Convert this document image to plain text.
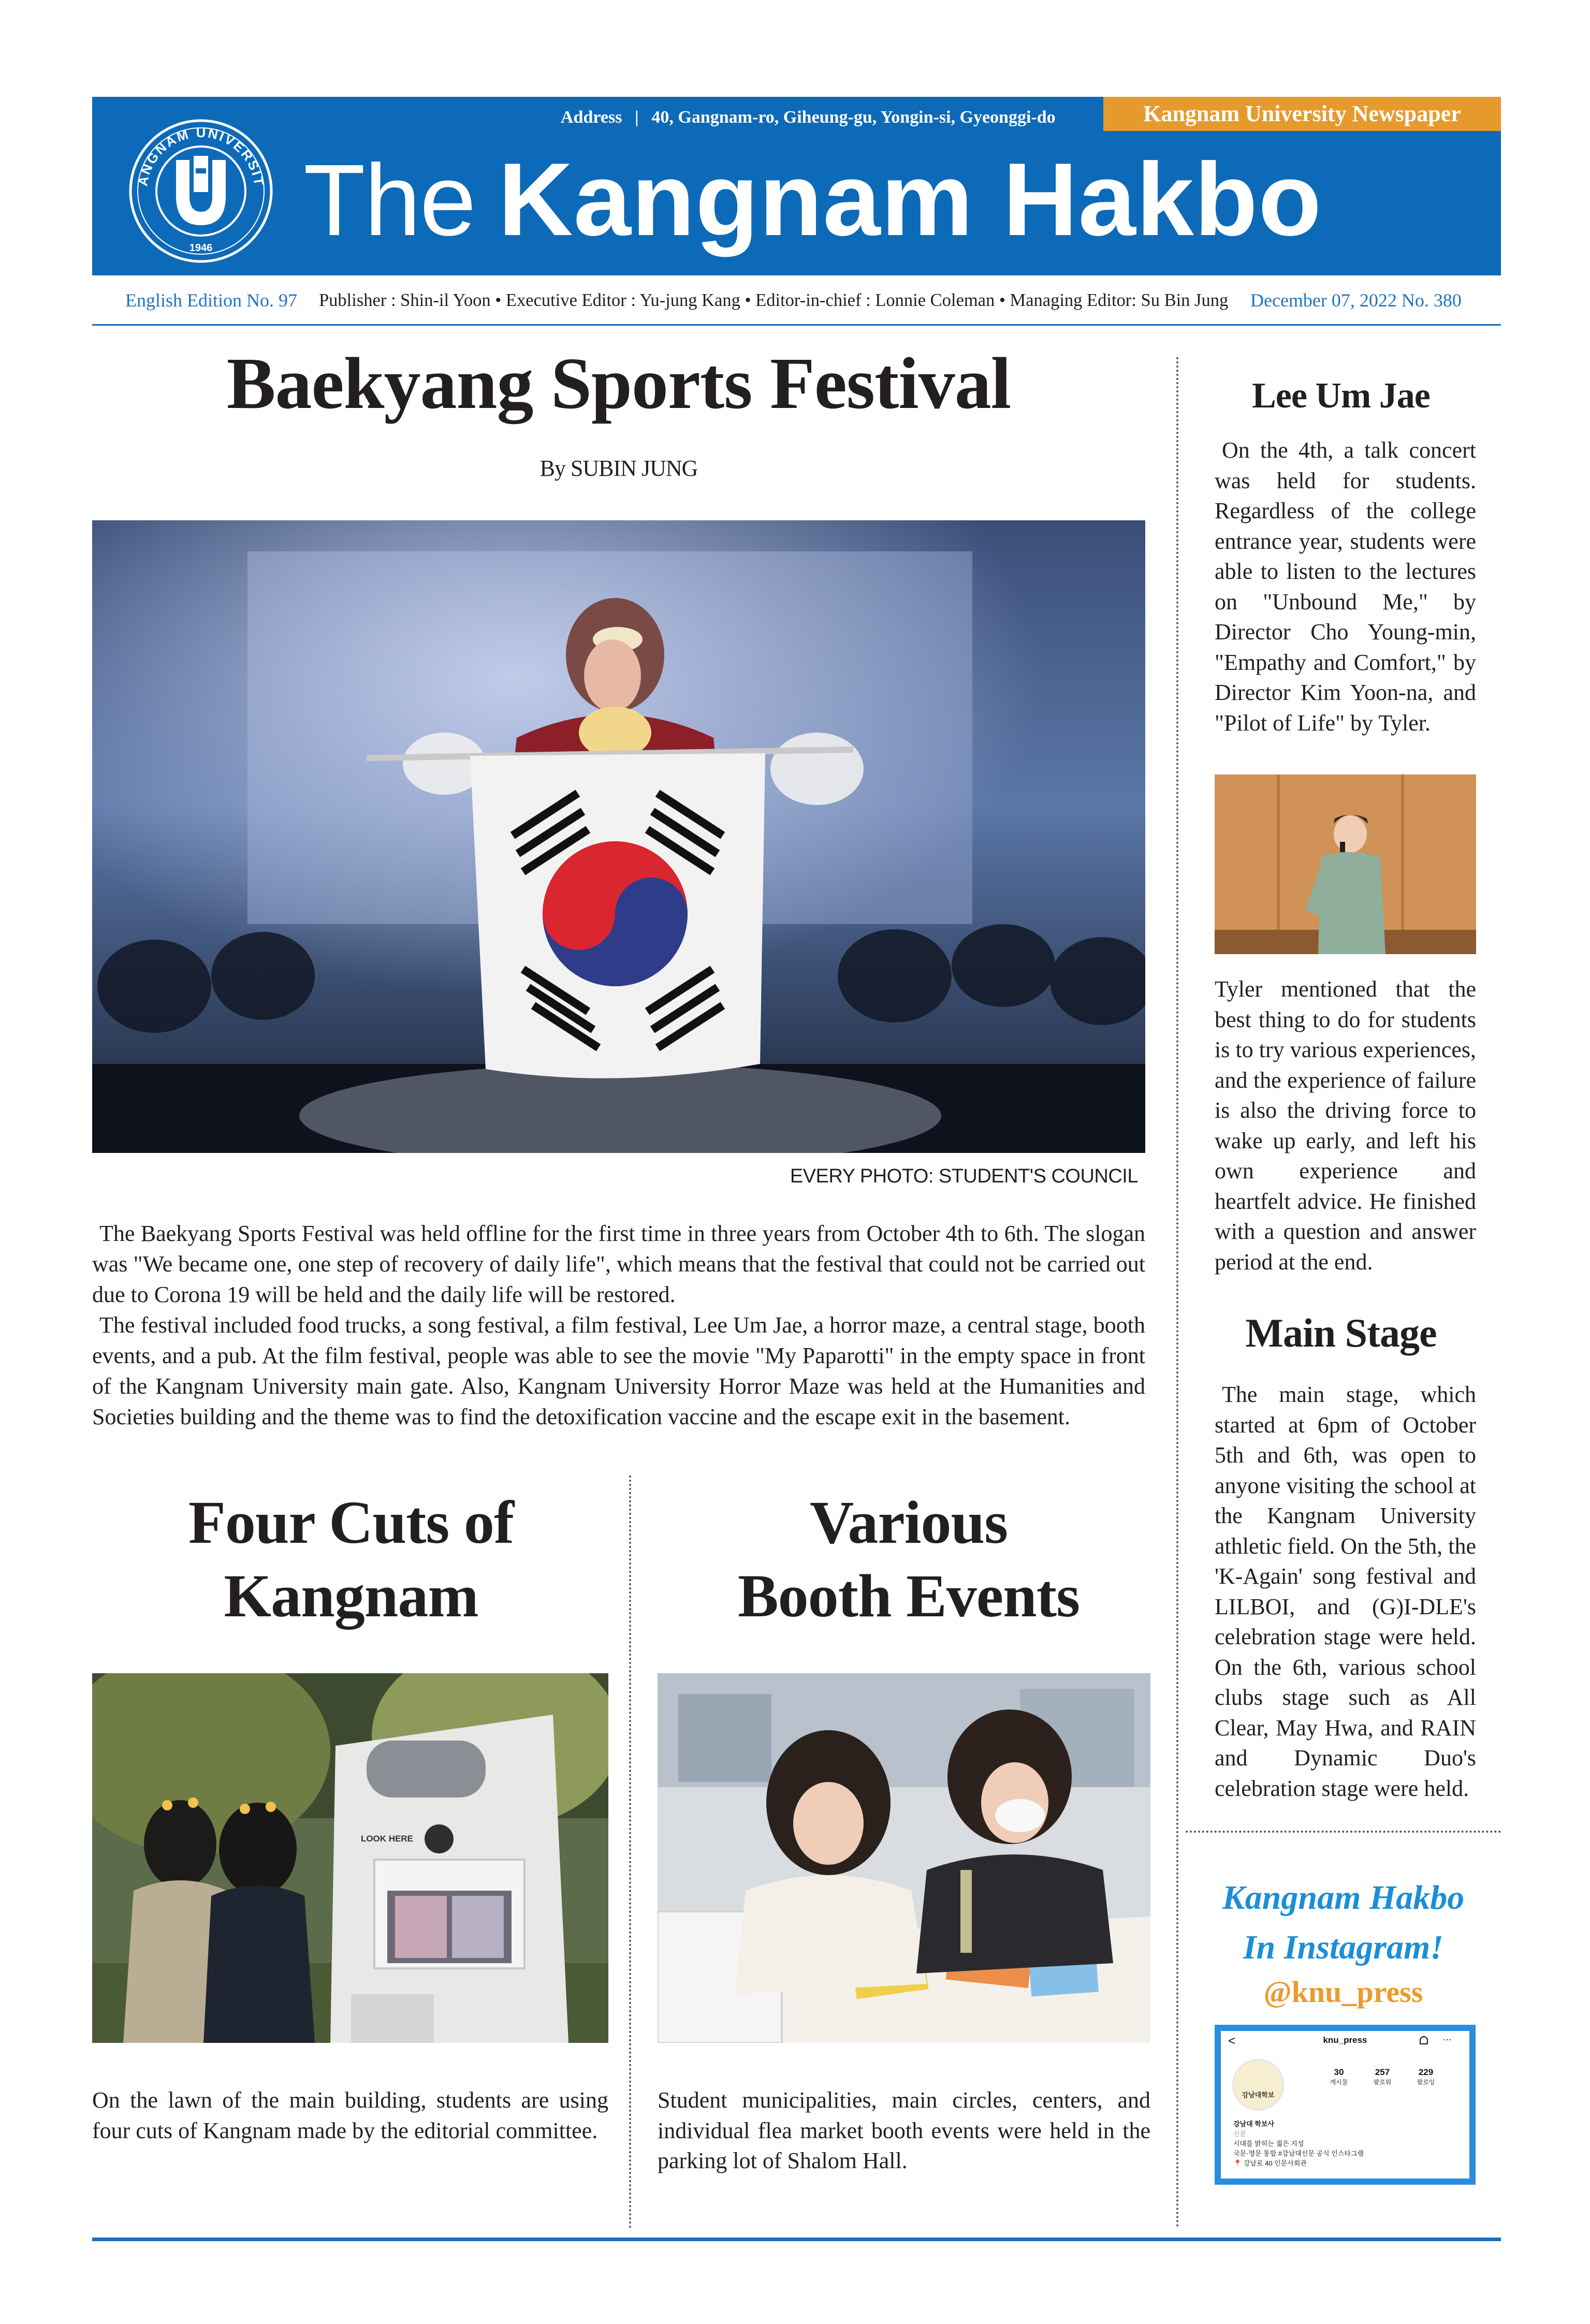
Address | 40, Gangnam-ro, Giheung-gu, Yongin-si, Gyeonggi-do	Kangnam University Newspaper
ANGNAM UNIVERSIT
1946 The Kangnam Hakbo
English Edition No. 97 Publisher : Shin-il Yoon • Executive Editor : Yu-jung Kang • Editor-in-chief : Lonnie Coleman • Managing Editor: Su Bin Jung December 07, 2022 No. 380
Baekyang Sports Festival
By SUBIN JUNG
EVERY PHOTO: STUDENT'S COUNCIL
The Baekyang Sports Festival was held offline for the first time in three years from October 4th to 6th. The slogan was "We became one, one step of recovery of daily life", which means that the festival that could not be carried out due to Corona 19 will be held and the daily life will be restored.
The festival included food trucks, a song festival, a film festival, Lee Um Jae, a horror maze, a central stage, booth events, and a pub. At the film festival, people was able to see the movie "My Paparotti" in the empty space in front of the Kangnam University main gate. Also, Kangnam University Horror Maze was held at the Humanities and Societies building and the theme was to find the detoxification vaccine and the escape exit in the basement.
Four Cuts of
Kangnam
LOOK HERE
On the lawn of the main building, students are using four cuts of Kangnam made by the editorial committee.
Various
Booth Events
Student municipalities, main circles, centers, and individual flea market booth events were held in the parking lot of Shalom Hall.
Lee Um Jae
On the 4th, a talk concert was held for students. Regardless of the college entrance year, students were able to listen to the lectures on "Unbound Me," by Director Cho Young-min, "Empathy and Comfort," by Director Kim Yoon-na, and "Pilot of Life" by Tyler.
Tyler mentioned that the best thing to do for students is to try various experiences, and the experience of failure is also the driving force to wake up early, and left his own experience and heartfelt advice. He finished with a question and answer period at the end.
Main Stage
The main stage, which started at 6pm of October 5th and 6th, was open to anyone visiting the school at the Kangnam University athletic field. On the 5th, the 'K-Again' song festival and LILBOI, and (G)I-DLE's celebration stage were held. On the 6th, various school clubs stage such as All Clear, May Hwa, and RAIN and Dynamic Duo's celebration stage were held.
Kangnam Hakbo
In Instagram!
@knu_press
<	knu_press	···
강남대학보
30
게시물
257
팔로워
229
팔로잉
강남대 학보사
신문
시대를 밝히는 젊은 지성
국문·영문 통합 #강남대신문 공식 인스타그램
📍 강남로 40 인문사회관
